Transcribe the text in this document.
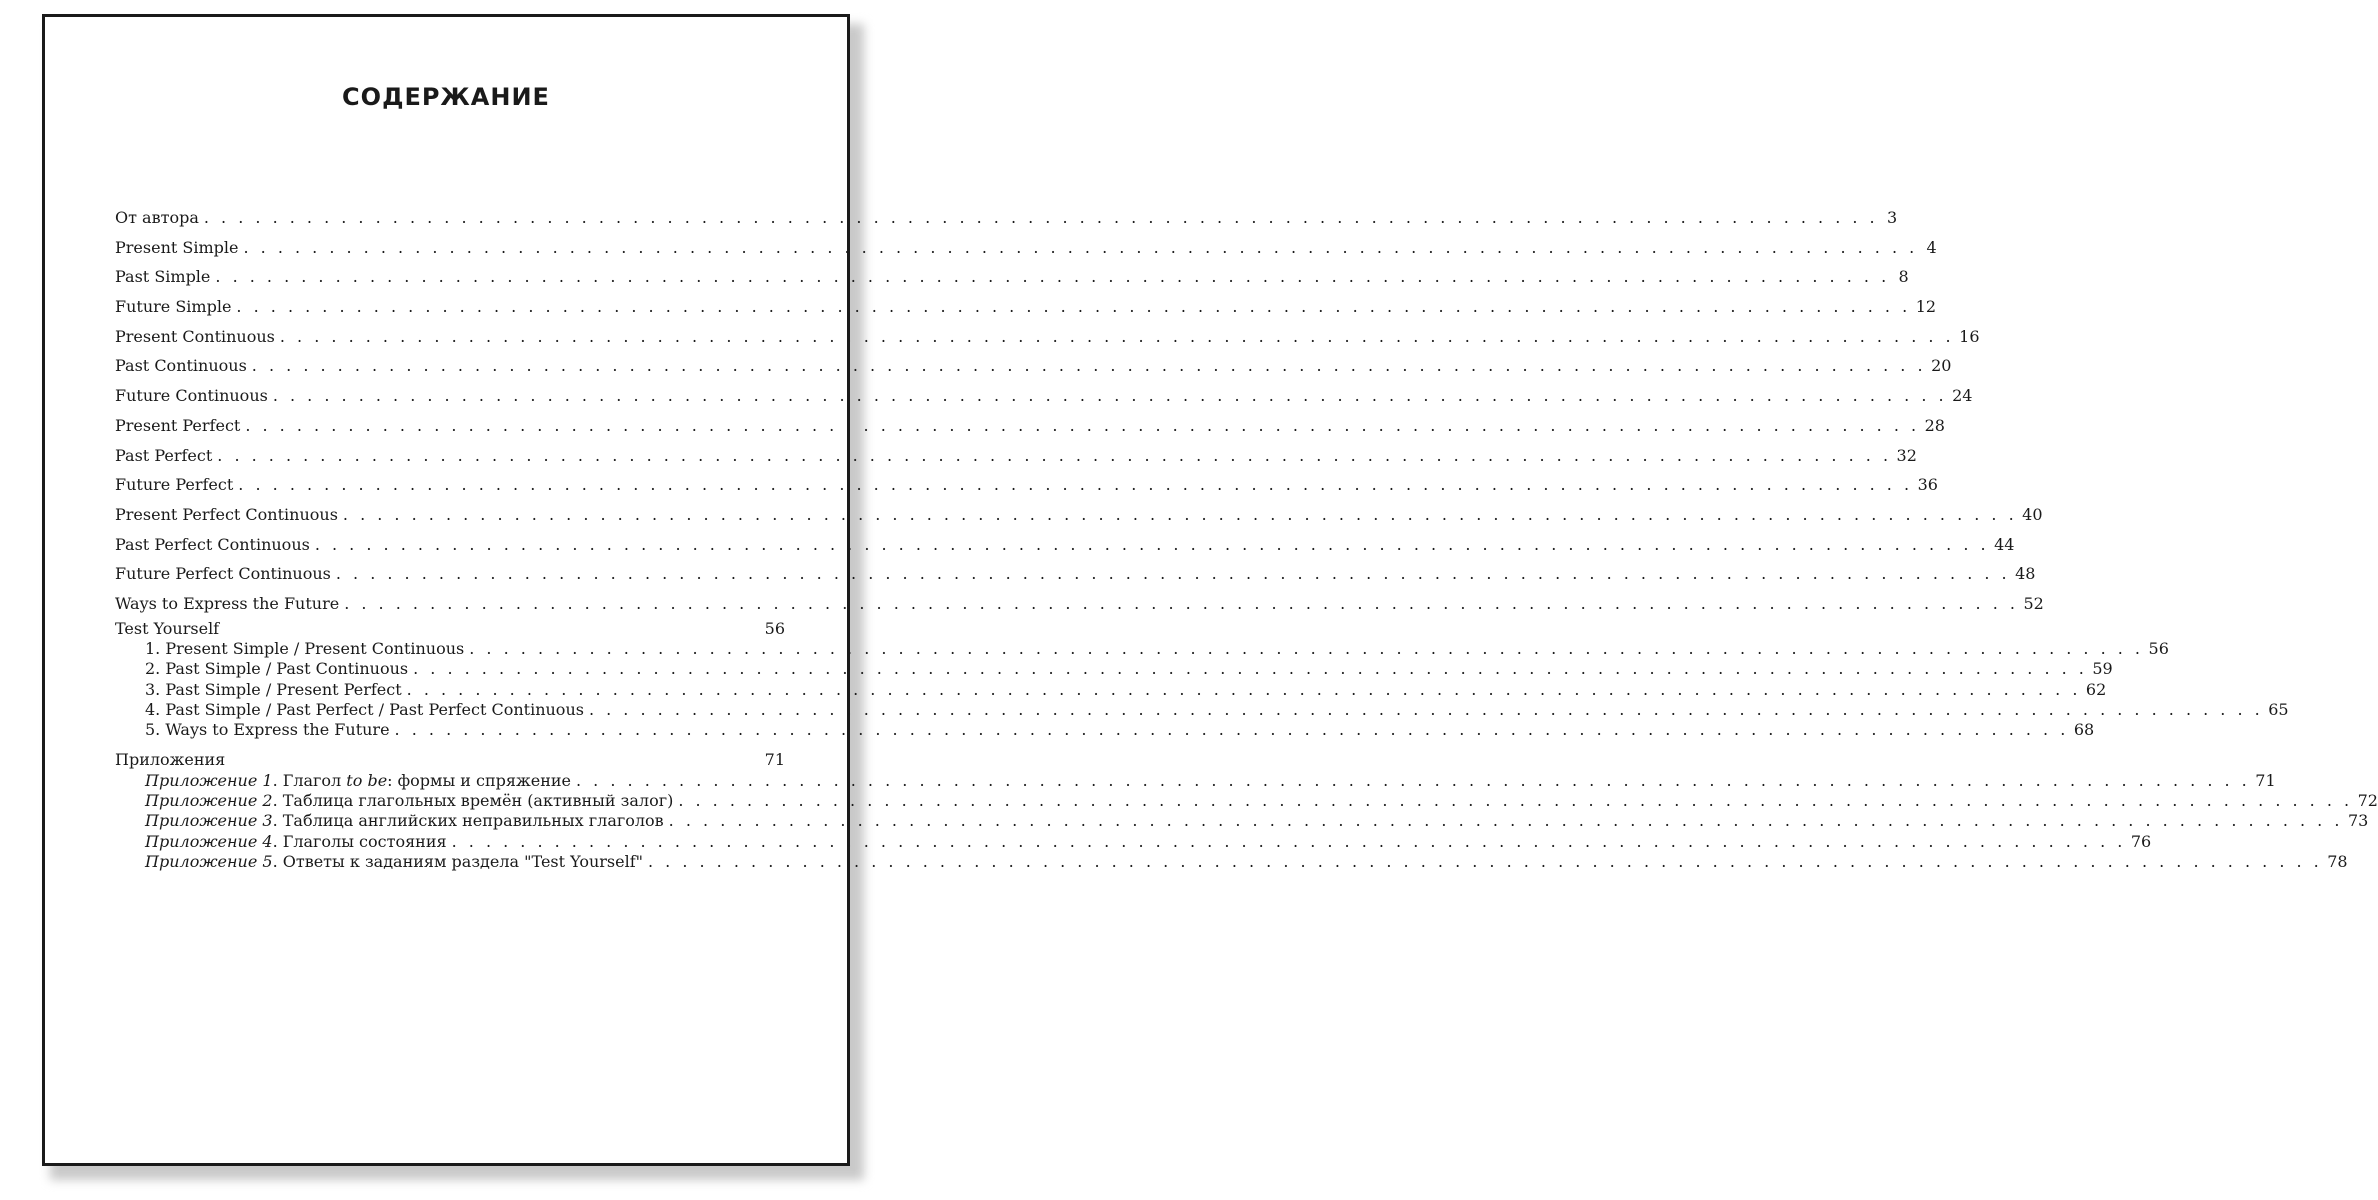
СОДЕРЖАНИЕ
От автора . . . . . . . . . . . . . . . . . . . . . . . . . . . . . . . . . . . . . . . . . . . . . . . . . . . . . . . . . . . . . . . . . . . . . . . . . . . . . . . . . . . . . . . . . . . . . . . . . . 3
Present Simple . . . . . . . . . . . . . . . . . . . . . . . . . . . . . . . . . . . . . . . . . . . . . . . . . . . . . . . . . . . . . . . . . . . . . . . . . . . . . . . . . . . . . . . . . . . . . . . . . . 4
Past Simple . . . . . . . . . . . . . . . . . . . . . . . . . . . . . . . . . . . . . . . . . . . . . . . . . . . . . . . . . . . . . . . . . . . . . . . . . . . . . . . . . . . . . . . . . . . . . . . . . . 8
Future Simple . . . . . . . . . . . . . . . . . . . . . . . . . . . . . . . . . . . . . . . . . . . . . . . . . . . . . . . . . . . . . . . . . . . . . . . . . . . . . . . . . . . . . . . . . . . . . . . . . . 12
Present Continuous . . . . . . . . . . . . . . . . . . . . . . . . . . . . . . . . . . . . . . . . . . . . . . . . . . . . . . . . . . . . . . . . . . . . . . . . . . . . . . . . . . . . . . . . . . . . . . . . . . 16
Past Continuous . . . . . . . . . . . . . . . . . . . . . . . . . . . . . . . . . . . . . . . . . . . . . . . . . . . . . . . . . . . . . . . . . . . . . . . . . . . . . . . . . . . . . . . . . . . . . . . . . . 20
Future Continuous . . . . . . . . . . . . . . . . . . . . . . . . . . . . . . . . . . . . . . . . . . . . . . . . . . . . . . . . . . . . . . . . . . . . . . . . . . . . . . . . . . . . . . . . . . . . . . . . . . 24
Present Perfect . . . . . . . . . . . . . . . . . . . . . . . . . . . . . . . . . . . . . . . . . . . . . . . . . . . . . . . . . . . . . . . . . . . . . . . . . . . . . . . . . . . . . . . . . . . . . . . . . . 28
Past Perfect . . . . . . . . . . . . . . . . . . . . . . . . . . . . . . . . . . . . . . . . . . . . . . . . . . . . . . . . . . . . . . . . . . . . . . . . . . . . . . . . . . . . . . . . . . . . . . . . . . 32
Future Perfect . . . . . . . . . . . . . . . . . . . . . . . . . . . . . . . . . . . . . . . . . . . . . . . . . . . . . . . . . . . . . . . . . . . . . . . . . . . . . . . . . . . . . . . . . . . . . . . . . . 36
Present Perfect Continuous . . . . . . . . . . . . . . . . . . . . . . . . . . . . . . . . . . . . . . . . . . . . . . . . . . . . . . . . . . . . . . . . . . . . . . . . . . . . . . . . . . . . . . . . . . . . . . . . . . 40
Past Perfect Continuous . . . . . . . . . . . . . . . . . . . . . . . . . . . . . . . . . . . . . . . . . . . . . . . . . . . . . . . . . . . . . . . . . . . . . . . . . . . . . . . . . . . . . . . . . . . . . . . . . . 44
Future Perfect Continuous . . . . . . . . . . . . . . . . . . . . . . . . . . . . . . . . . . . . . . . . . . . . . . . . . . . . . . . . . . . . . . . . . . . . . . . . . . . . . . . . . . . . . . . . . . . . . . . . . . 48
Ways to Express the Future . . . . . . . . . . . . . . . . . . . . . . . . . . . . . . . . . . . . . . . . . . . . . . . . . . . . . . . . . . . . . . . . . . . . . . . . . . . . . . . . . . . . . . . . . . . . . . . . . . 52
Test Yourself	56
1. Present Simple / Present Continuous . . . . . . . . . . . . . . . . . . . . . . . . . . . . . . . . . . . . . . . . . . . . . . . . . . . . . . . . . . . . . . . . . . . . . . . . . . . . . . . . . . . . . . . . . . . . . . . . . . 56
2. Past Simple / Past Continuous . . . . . . . . . . . . . . . . . . . . . . . . . . . . . . . . . . . . . . . . . . . . . . . . . . . . . . . . . . . . . . . . . . . . . . . . . . . . . . . . . . . . . . . . . . . . . . . . . . 59
3. Past Simple / Present Perfect . . . . . . . . . . . . . . . . . . . . . . . . . . . . . . . . . . . . . . . . . . . . . . . . . . . . . . . . . . . . . . . . . . . . . . . . . . . . . . . . . . . . . . . . . . . . . . . . . . 62
4. Past Simple / Past Perfect / Past Perfect Continuous . . . . . . . . . . . . . . . . . . . . . . . . . . . . . . . . . . . . . . . . . . . . . . . . . . . . . . . . . . . . . . . . . . . . . . . . . . . . . . . . . . . . . . . . . . . . . . . . . . 65
5. Ways to Express the Future . . . . . . . . . . . . . . . . . . . . . . . . . . . . . . . . . . . . . . . . . . . . . . . . . . . . . . . . . . . . . . . . . . . . . . . . . . . . . . . . . . . . . . . . . . . . . . . . . . 68
Приложения	71
Приложение 1. Глагол to be: формы и спряжение . . . . . . . . . . . . . . . . . . . . . . . . . . . . . . . . . . . . . . . . . . . . . . . . . . . . . . . . . . . . . . . . . . . . . . . . . . . . . . . . . . . . . . . . . . . . . . . . . . 71
Приложение 2. Таблица глагольных времён (активный залог) . . . . . . . . . . . . . . . . . . . . . . . . . . . . . . . . . . . . . . . . . . . . . . . . . . . . . . . . . . . . . . . . . . . . . . . . . . . . . . . . . . . . . . . . . . . . . . . . . . 72
Приложение 3. Таблица английских неправильных глаголов . . . . . . . . . . . . . . . . . . . . . . . . . . . . . . . . . . . . . . . . . . . . . . . . . . . . . . . . . . . . . . . . . . . . . . . . . . . . . . . . . . . . . . . . . . . . . . . . . . 73
Приложение 4. Глаголы состояния . . . . . . . . . . . . . . . . . . . . . . . . . . . . . . . . . . . . . . . . . . . . . . . . . . . . . . . . . . . . . . . . . . . . . . . . . . . . . . . . . . . . . . . . . . . . . . . . . . 76
Приложение 5. Ответы к заданиям раздела "Test Yourself" . . . . . . . . . . . . . . . . . . . . . . . . . . . . . . . . . . . . . . . . . . . . . . . . . . . . . . . . . . . . . . . . . . . . . . . . . . . . . . . . . . . . . . . . . . . . . . . . . . 78
